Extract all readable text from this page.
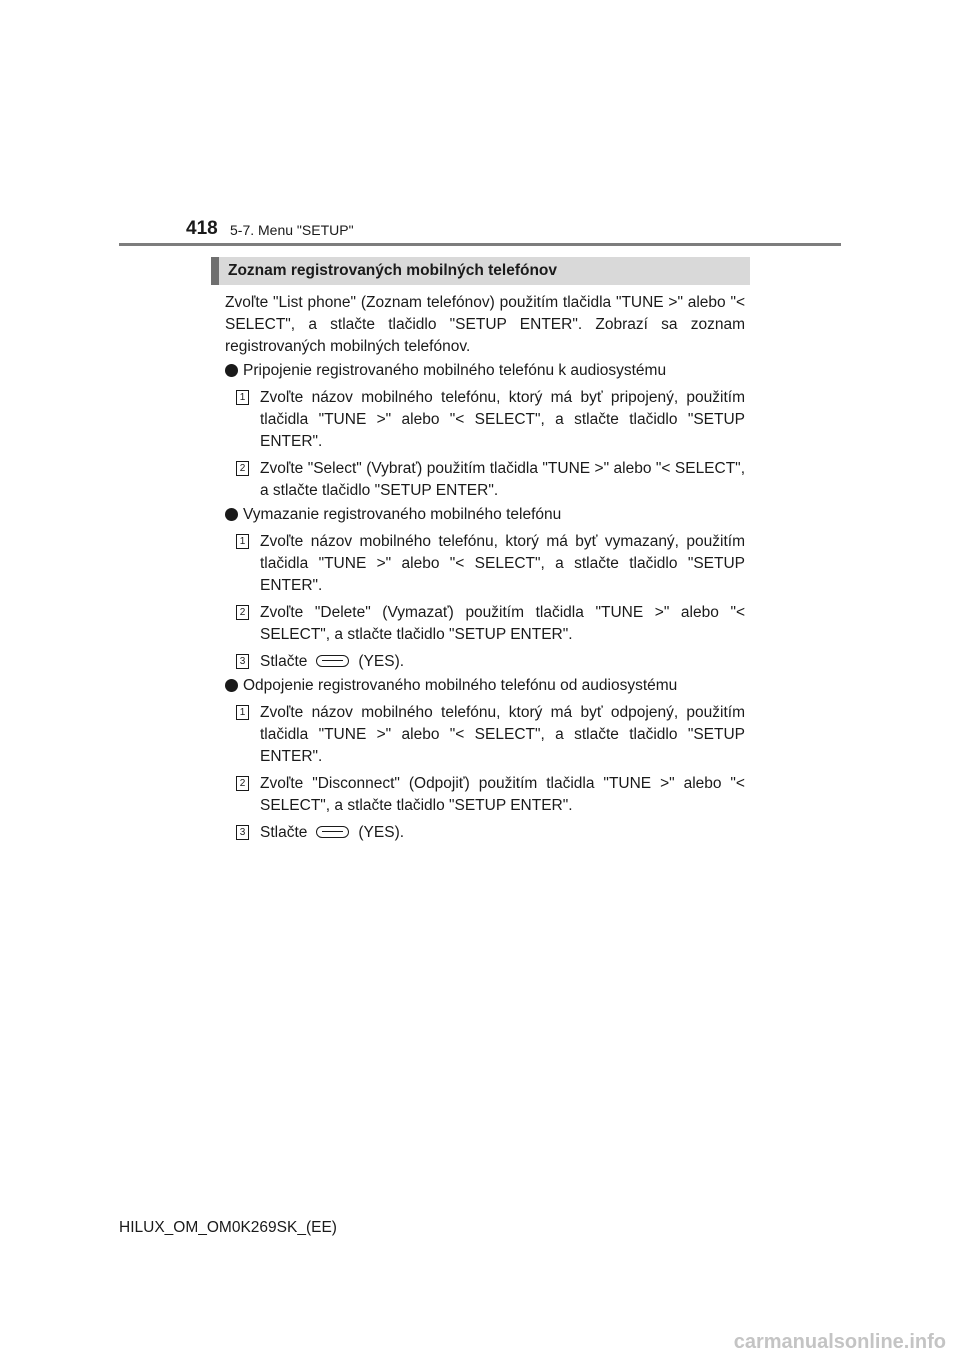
418 5-7. Menu "SETUP"
Zoznam registrovaných mobilných telefónov

Zvoľte "List phone" (Zoznam telefónov) použitím tlačidla "TUNE >" alebo "< SELECT", a stlačte tlačidlo "SETUP ENTER". Zobrazí sa zoznam registrovaných mobilných telefónov.

Pripojenie registrovaného mobilného telefónu k audiosystému
1 Zvoľte názov mobilného telefónu, ktorý má byť pripojený, použitím tlačidla "TUNE >" alebo "< SELECT", a stlačte tlačidlo "SETUP ENTER".
2 Zvoľte "Select" (Vybrať) použitím tlačidla "TUNE >" alebo "< SELECT", a stlačte tlačidlo "SETUP ENTER".
Vymazanie registrovaného mobilného telefónu
1 Zvoľte názov mobilného telefónu, ktorý má byť vymazaný, použitím tlačidla "TUNE >" alebo "< SELECT", a stlačte tlačidlo "SETUP ENTER".
2 Zvoľte "Delete" (Vymazať) použitím tlačidla "TUNE >" alebo "< SELECT", a stlačte tlačidlo "SETUP ENTER".
3 Stlačte	(YES).
Odpojenie registrovaného mobilného telefónu od audiosystému
1 Zvoľte názov mobilného telefónu, ktorý má byť odpojený, použitím tlačidla "TUNE >" alebo "< SELECT", a stlačte tlačidlo "SETUP ENTER".
2 Zvoľte "Disconnect" (Odpojiť) použitím tlačidla "TUNE >" alebo "< SELECT", a stlačte tlačidlo "SETUP ENTER".
3 Stlačte	(YES).
HILUX_OM_OM0K269SK_(EE)
carmanualsonline.info
